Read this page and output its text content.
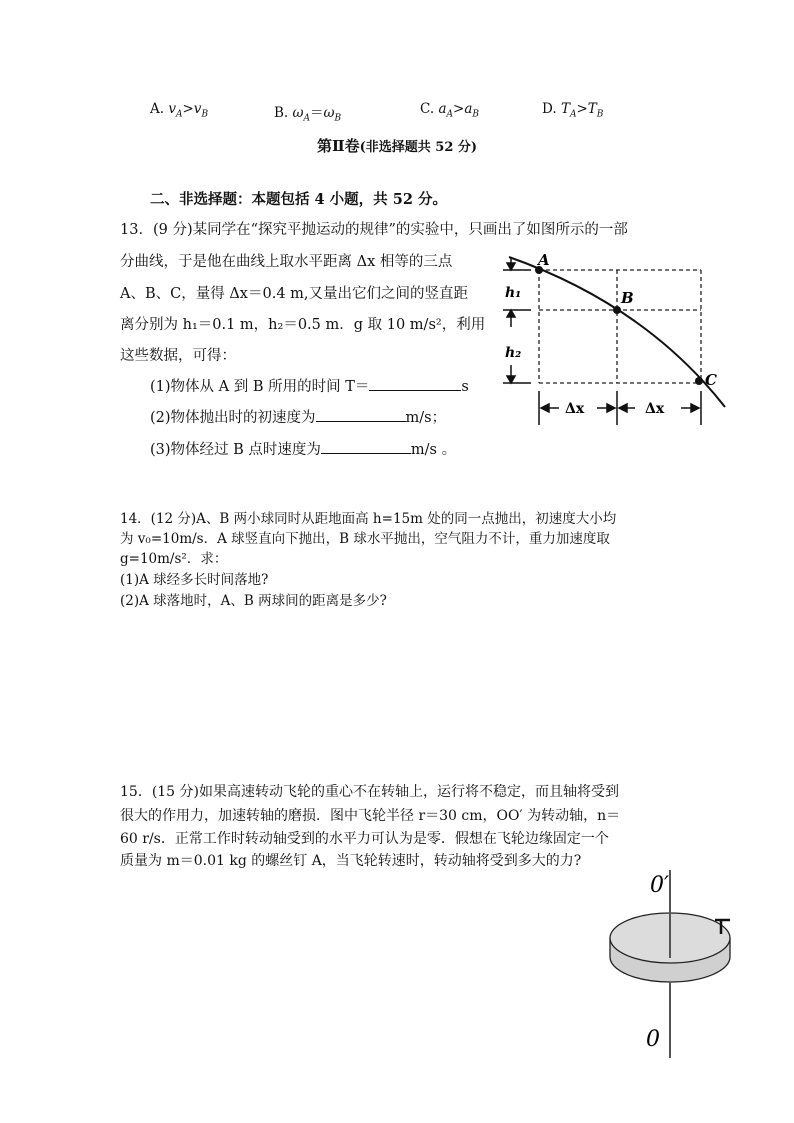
A. $v_A>v_B$	B. $\omega_A=\omega_B$
C. $a_A>a_B$	D. $T_A>T_B$
第Ⅱ卷(非选择题共 52 分)
二、非选择题：本题包括 4 小题，共 52 分。
13．(9 分)某同学在“探究平抛运动的规律”的实验中，只画出了如图所示的一部
分曲线，于是他在曲线上取水平距离 Δx 相等的三点
A、B、C，量得 Δx＝0.4 m,又量出它们之间的竖直距
离分别为 h₁＝0.1 m，h₂＝0.5 m．g 取 10 m/s²，利用
这些数据，可得：
(1)物体从 A 到 B 所用的时间 T＝	s
(2)物体抛出时的初速度为	m/s；
(3)物体经过 B 点时速度为	m/s 。
A
B
C
h₁
h₂
Δx	Δx
14．(12 分)A、B 两小球同时从距地面高 h=15m 处的同一点抛出，初速度大小均
为 v₀=10m/s．A 球竖直向下抛出，B 球水平抛出，空气阻力不计，重力加速度取
g=10m/s²．求：
(1)A 球经多长时间落地?
(2)A 球落地时，A、B 两球间的距离是多少?
15．(15 分)如果高速转动飞轮的重心不在转轴上，运行将不稳定，而且轴将受到
很大的作用力，加速转轴的磨损．图中飞轮半径 r＝30 cm，OO′ 为转动轴，n＝
60 r/s．正常工作时转动轴受到的水平力可认为是零．假想在飞轮边缘固定一个
质量为 m＝0.01 kg 的螺丝钉 A，当飞轮转速时，转动轴将受到多大的力?
0′
0
